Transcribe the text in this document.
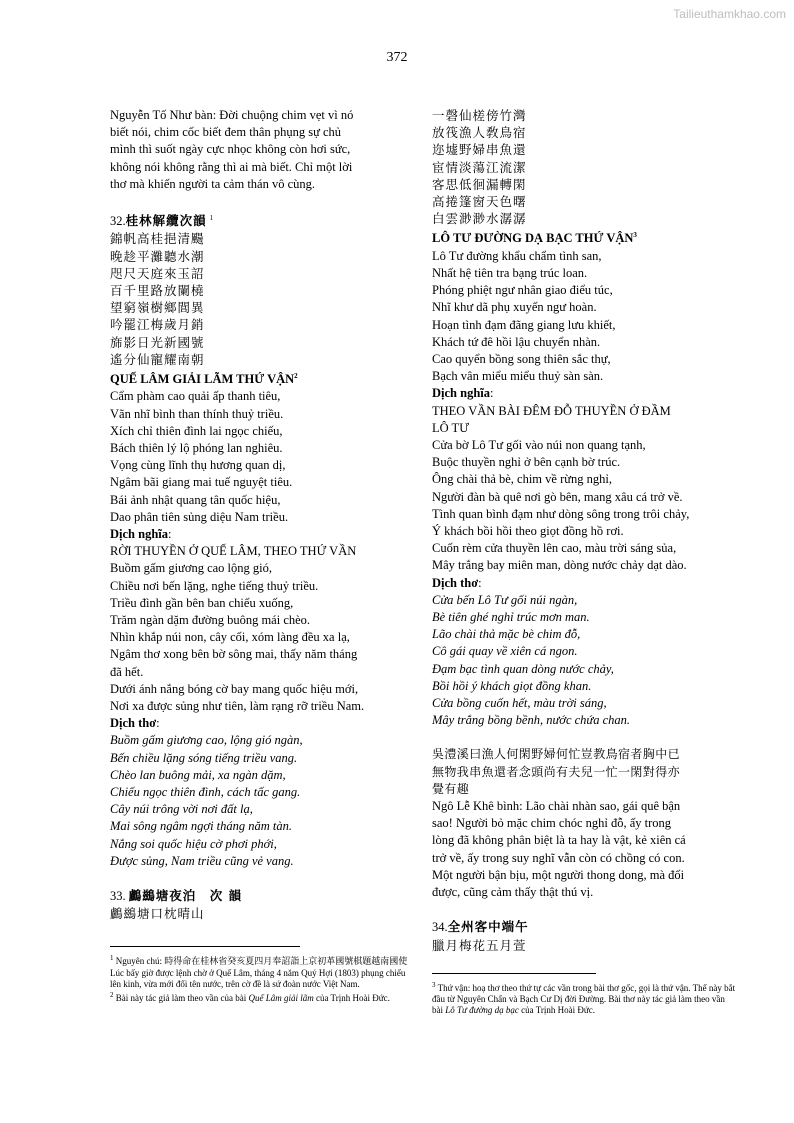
Tailieuthamkhao.com
372
Nguyễn Tố Như bàn: Đời chuộng chim vẹt vì nó
biết nói, chim cốc biết đem thân phụng sự chủ
mình thì suốt ngày cực nhọc không còn hơi sức,
không nói không rằng thì ai mà biết. Chỉ một lời
thơ mà khiến người ta cảm thán vô cùng.
32.桂林解纜次韻 $^1$
錦帆高桂挹清颺
晚趁平灘聽水潮
咫尺天庭來玉詔
百千里路放闌橈
望窮嶺樹鄉閭異
吟罷江梅歲月銷
旆影日光新國號
遙分仙寵耀南朝
QUẾ LÂM GIẢI LÃM THỨ VẬN$^2$
Cẩm phàm cao quải ấp thanh tiêu,
Vãn nhĩ bình than thính thuỷ triều.
Xích chỉ thiên đình lai ngọc chiếu,
Bách thiên lý lộ phóng lan nghiêu.
Vọng cùng lĩnh thụ hương quan dị,
Ngâm bãi giang mai tuế nguyệt tiêu.
Bái ảnh nhật quang tân quốc hiệu,
Dao phân tiên sủng diệu Nam triều.
Dịch nghĩa:
RỜI THUYỀN Ở QUẾ LÂM, THEO THỨ VẦN
Buồm gấm giương cao lộng gió,
Chiều nơi bến lặng, nghe tiếng thuỷ triều.
Triều đình gần bên ban chiếu xuống,
Trăm ngàn dặm đường buông mái chèo.
Nhìn khắp núi non, cây cối, xóm làng đều xa lạ,
Ngâm thơ xong bên bờ sông mai, thấy năm tháng
đã hết.
Dưới ánh nắng bóng cờ bay mang quốc hiệu mới,
Nơi xa được sủng như tiên, làm rạng rỡ triều Nam.
Dịch thơ:
Buồm gấm giương cao, lộng gió ngàn,
Bến chiều lặng sóng tiếng triều vang.
Chèo lan buông mải, xa ngàn dặm,
Chiếu ngọc thiên đình, cách tấc gang.
Cây núi trông vời nơi đất lạ,
Mai sông ngâm ngợi tháng năm tàn.
Nắng soi quốc hiệu cờ phơi phới,
Được sủng, Nam triều cũng vẻ vang.
33. 鸕鷀塘夜泊　次 韻
鸕鷀塘口枕晴山
$^1$ Nguyên chú: 時得命在桂林省癸亥夏四月奉詔詣上京初革國號棋題越南國使 Lúc bấy giờ được lệnh chờ ở Quế Lâm, tháng 4 năm Quý Hợi (1803) phụng chiếu lên kinh, vừa mới đổi tên nước, trên cờ đề là sứ đoàn nước Việt Nam.
$^2$ Bài này tác giả làm theo vần của bài Quế Lâm giải lãm của Trịnh Hoài Đức.
一磬仙槎傍竹灣
放筏漁人敎鳥宿
迩墟野婦串魚還
宦情淡蕩江流潔
客思低徊漏轉閑
高捲篷窗天色曙
白雲渺渺水潺潺
LÔ TƯ ĐƯỜNG DẠ BẠC THỨ VẬN$^3$
Lô Tư đường khẩu chẩm tình san,
Nhất hệ tiên tra bạng trúc loan.
Phóng phiệt ngư nhân giao điểu túc,
Nhĩ khư dã phụ xuyến ngư hoàn.
Hoạn tình đạm đãng giang lưu khiết,
Khách tứ đê hồi lậu chuyển nhàn.
Cao quyển bồng song thiên sắc thự,
Bạch vân miểu miểu thuỷ sàn sàn.
Dịch nghĩa:
THEO VẦN BÀI ĐÊM ĐỖ THUYỀN Ở ĐẦM
LÔ TƯ
Cửa bờ Lô Tư gối vào núi non quang tạnh,
Buộc thuyền nghỉ ở bên cạnh bờ trúc.
Ông chài thả bè, chim về rừng nghỉ,
Người đàn bà quê nơi gò bên, mang xâu cá trở về.
Tình quan bình đạm như dòng sông trong trôi chảy,
Ý khách bồi hồi theo giọt đồng hồ rơi.
Cuốn rèm cửa thuyền lên cao, màu trời sáng sủa,
Mây trắng bay miên man, dòng nước chảy dạt dào.
Dịch thơ:
Cửa bến Lô Tư gối núi ngàn,
Bè tiên ghé nghỉ trúc mơn man.
Lão chài thả mặc bè chim đỗ,
Cô gái quay về xiên cá ngon.
Đạm bạc tình quan dòng nước chảy,
Bồi hồi ý khách giọt đồng khan.
Cửa bồng cuốn hết, màu trời sáng,
Mây trắng bồng bềnh, nước chứa chan.
吳澧溪曰漁人何閑野婦何忙豈教鳥宿者胸中已
無物我串魚還者念頭尚有夫兒一忙一閑對得亦
覺有趣
Ngô Lễ Khê bình: Lão chài nhàn sao, gái quê bận
sao! Người bỏ mặc chim chóc nghỉ đỗ, ấy trong
lòng đã không phân biệt là ta hay là vật, kẻ xiên cá
trở về, ấy trong suy nghĩ vẫn còn có chồng có con.
Một người bận bịu, một người thong dong, mà đối
được, cũng cảm thấy thật thú vị.
34.全州客中端午
臘月梅花五月萱
$^3$ Thứ vận: hoạ thơ theo thứ tự các vần trong bài thơ gốc, gọi là thứ vận. Thể này bắt đầu từ Nguyên Chẩn và Bạch Cư Dị đời Đường. Bài thơ này tác giả làm theo vần bài Lô Tư đường dạ bạc của Trịnh Hoài Đức.
